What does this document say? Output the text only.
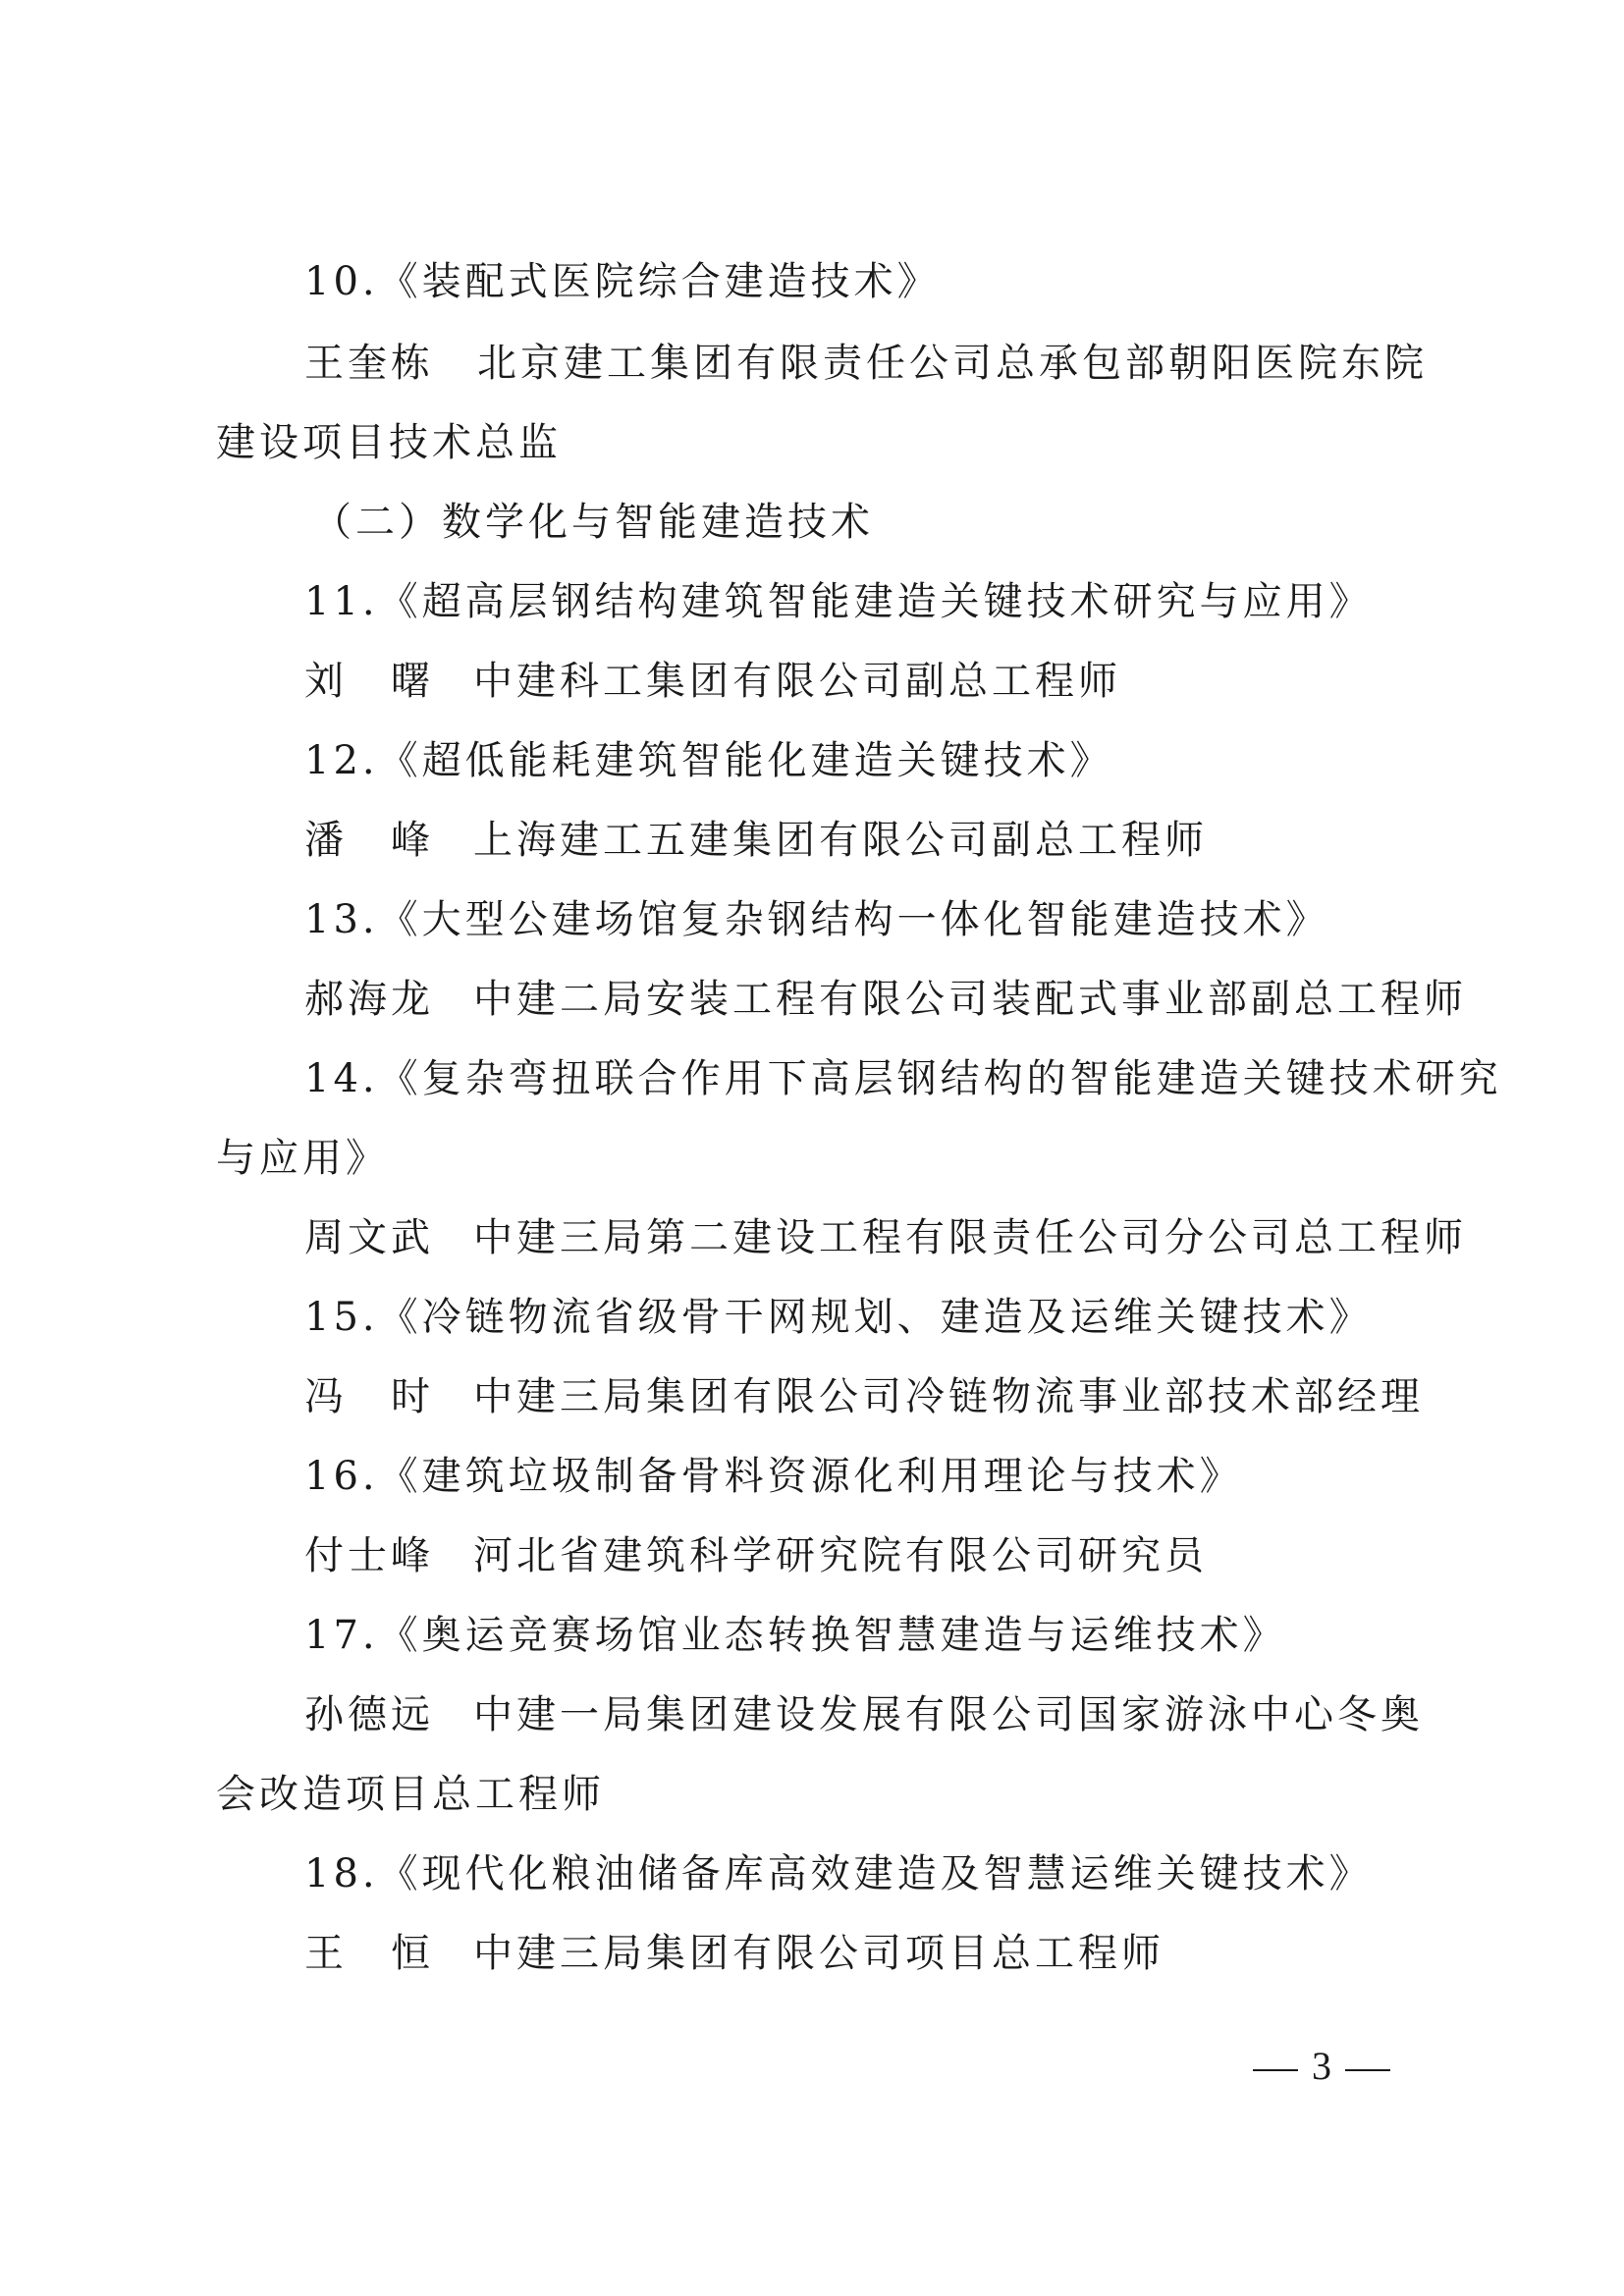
10.《装配式医院综合建造技术》
王奎栋　北京建工集团有限责任公司总承包部朝阳医院东院
建设项目技术总监
（二）数学化与智能建造技术
11.《超高层钢结构建筑智能建造关键技术研究与应用》
刘　曙 中建科工集团有限公司副总工程师
12.《超低能耗建筑智能化建造关键技术》
潘　峰 上海建工五建集团有限公司副总工程师
13.《大型公建场馆复杂钢结构一体化智能建造技术》
郝海龙 中建二局安装工程有限公司装配式事业部副总工程师
14.《复杂弯扭联合作用下高层钢结构的智能建造关键技术研究
与应用》
周文武 中建三局第二建设工程有限责任公司分公司总工程师
15.《冷链物流省级骨干网规划、建造及运维关键技术》
冯　时 中建三局集团有限公司冷链物流事业部技术部经理
16.《建筑垃圾制备骨料资源化利用理论与技术》
付士峰 河北省建筑科学研究院有限公司研究员
17.《奥运竞赛场馆业态转换智慧建造与运维技术》
孙德远 中建一局集团建设发展有限公司国家游泳中心冬奥
会改造项目总工程师
18.《现代化粮油储备库高效建造及智慧运维关键技术》
王　恒 中建三局集团有限公司项目总工程师
3
